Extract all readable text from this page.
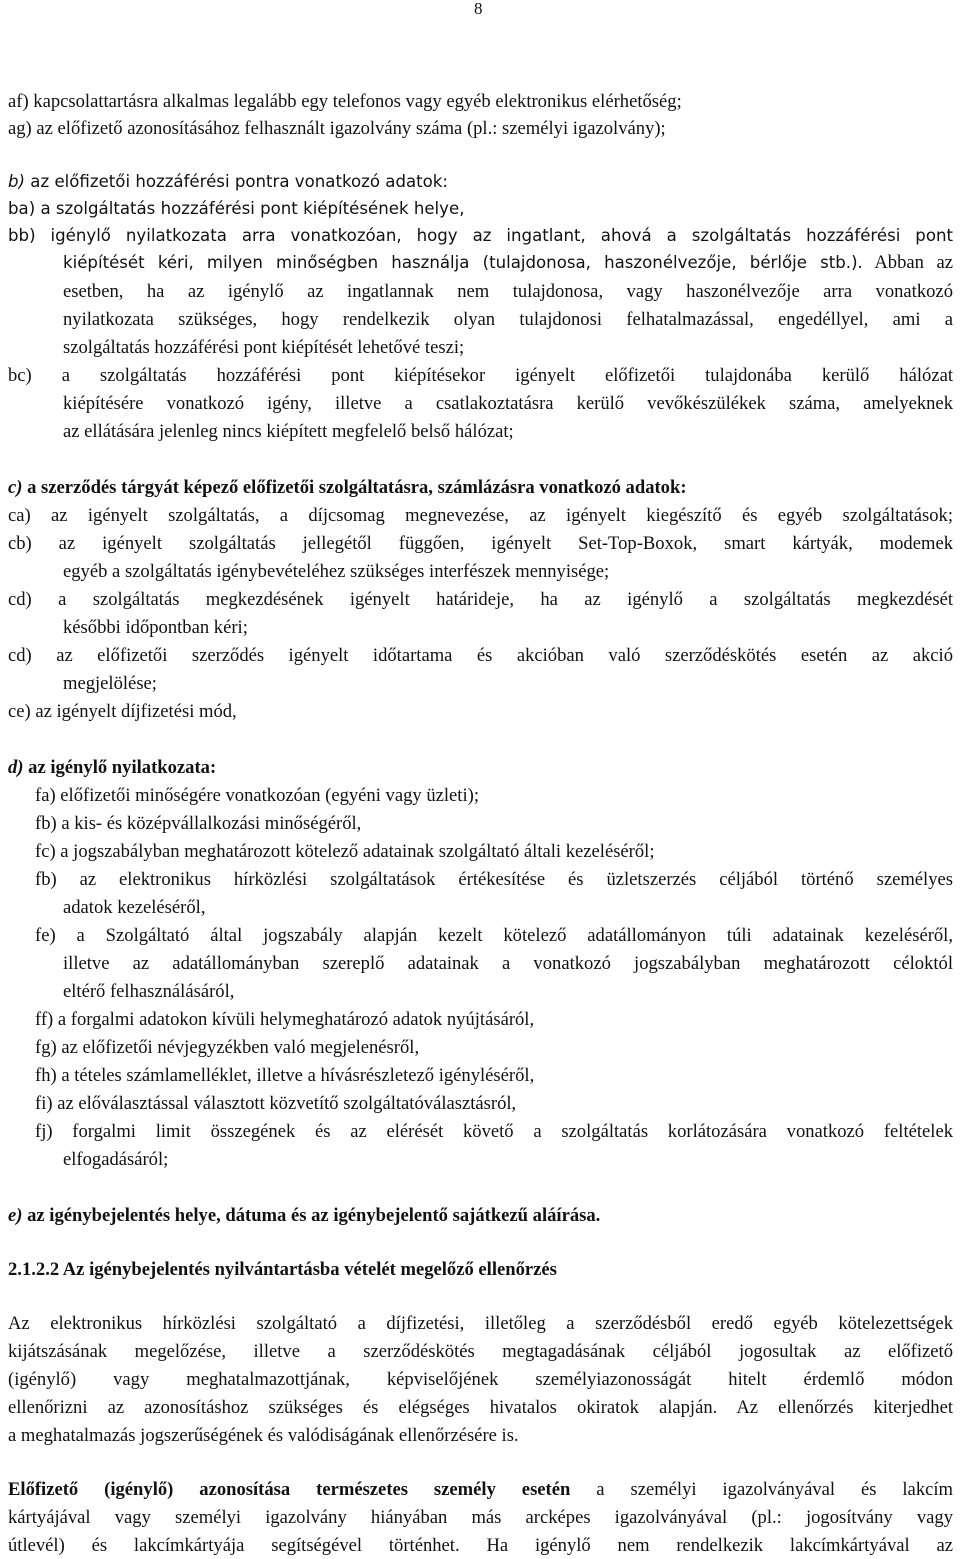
8
af) kapcsolattartásra alkalmas legalább egy telefonos vagy egyéb elektronikus elérhetőség;
ag) az előfizető azonosításához felhasznált igazolvány száma (pl.: személyi igazolvány);
b) az előfizetői hozzáférési pontra vonatkozó adatok:
ba) a szolgáltatás hozzáférési pont kiépítésének helye,
bb) igénylő nyilatkozata arra vonatkozóan, hogy az ingatlant, ahová a szolgáltatás hozzáférési pont
kiépítését kéri, milyen minőségben használja (tulajdonosa, haszonélvezője, bérlője stb.). Abban az
esetben, ha az igénylő az ingatlannak nem tulajdonosa, vagy haszonélvezője arra vonatkozó
nyilatkozata szükséges, hogy rendelkezik olyan tulajdonosi felhatalmazással, engedéllyel, ami a
szolgáltatás hozzáférési pont kiépítését lehetővé teszi;
bc) a szolgáltatás hozzáférési pont kiépítésekor igényelt előfizetői tulajdonába kerülő hálózat
kiépítésére vonatkozó igény, illetve a csatlakoztatásra kerülő vevőkészülékek száma, amelyeknek
az ellátására jelenleg nincs kiépített megfelelő belső hálózat;
c) a szerződés tárgyát képező előfizetői szolgáltatásra, számlázásra vonatkozó adatok:
ca) az igényelt szolgáltatás, a díjcsomag megnevezése, az igényelt kiegészítő és egyéb szolgáltatások;
cb) az igényelt szolgáltatás jellegétől függően, igényelt Set-Top-Boxok, smart kártyák, modemek
egyéb a szolgáltatás igénybevételéhez szükséges interfészek mennyisége;
cd) a szolgáltatás megkezdésének igényelt határideje, ha az igénylő a szolgáltatás megkezdését
későbbi időpontban kéri;
cd) az előfizetői szerződés igényelt időtartama és akcióban való szerződéskötés esetén az akció
megjelölése;
ce) az igényelt díjfizetési mód,
d) az igénylő nyilatkozata:
fa) előfizetői minőségére vonatkozóan (egyéni vagy üzleti);
fb) a kis- és középvállalkozási minőségéről,
fc) a jogszabályban meghatározott kötelező adatainak szolgáltató általi kezeléséről;
fb) az elektronikus hírközlési szolgáltatások értékesítése és üzletszerzés céljából történő személyes
adatok kezeléséről,
fe) a Szolgáltató által jogszabály alapján kezelt kötelező adatállományon túli adatainak kezeléséről,
illetve az adatállományban szereplő adatainak a vonatkozó jogszabályban meghatározott céloktól
eltérő felhasználásáról,
ff) a forgalmi adatokon kívüli helymeghatározó adatok nyújtásáról,
fg) az előfizetői névjegyzékben való megjelenésről,
fh) a tételes számlamelléklet, illetve a hívásrészletező igényléséről,
fi) az előválasztással választott közvetítő szolgáltatóválasztásról,
fj) forgalmi limit összegének és az elérését követő a szolgáltatás korlátozására vonatkozó feltételek
elfogadásáról;
e) az igénybejelentés helye, dátuma és az igénybejelentő sajátkezű aláírása.
2.1.2.2 Az igénybejelentés nyilvántartásba vételét megelőző ellenőrzés
Az elektronikus hírközlési szolgáltató a díjfizetési, illetőleg a szerződésből eredő egyéb kötelezettségek
kijátszásának megelőzése, illetve a szerződéskötés megtagadásának céljából jogosultak az előfizető
(igénylő) vagy meghatalmazottjának, képviselőjének személyiazonosságát hitelt érdemlő módon
ellenőrizni az azonosításhoz szükséges és elégséges hivatalos okiratok alapján. Az ellenőrzés kiterjedhet
a meghatalmazás jogszerűségének és valódiságának ellenőrzésére is.
Előfizető (igénylő) azonosítása természetes személy esetén a személyi igazolványával és lakcím
kártyájával vagy személyi igazolvány hiányában más arcképes igazolványával (pl.: jogosítvány vagy
útlevél) és lakcímkártyája segítségével történhet. Ha igénylő nem rendelkezik lakcímkártyával az
